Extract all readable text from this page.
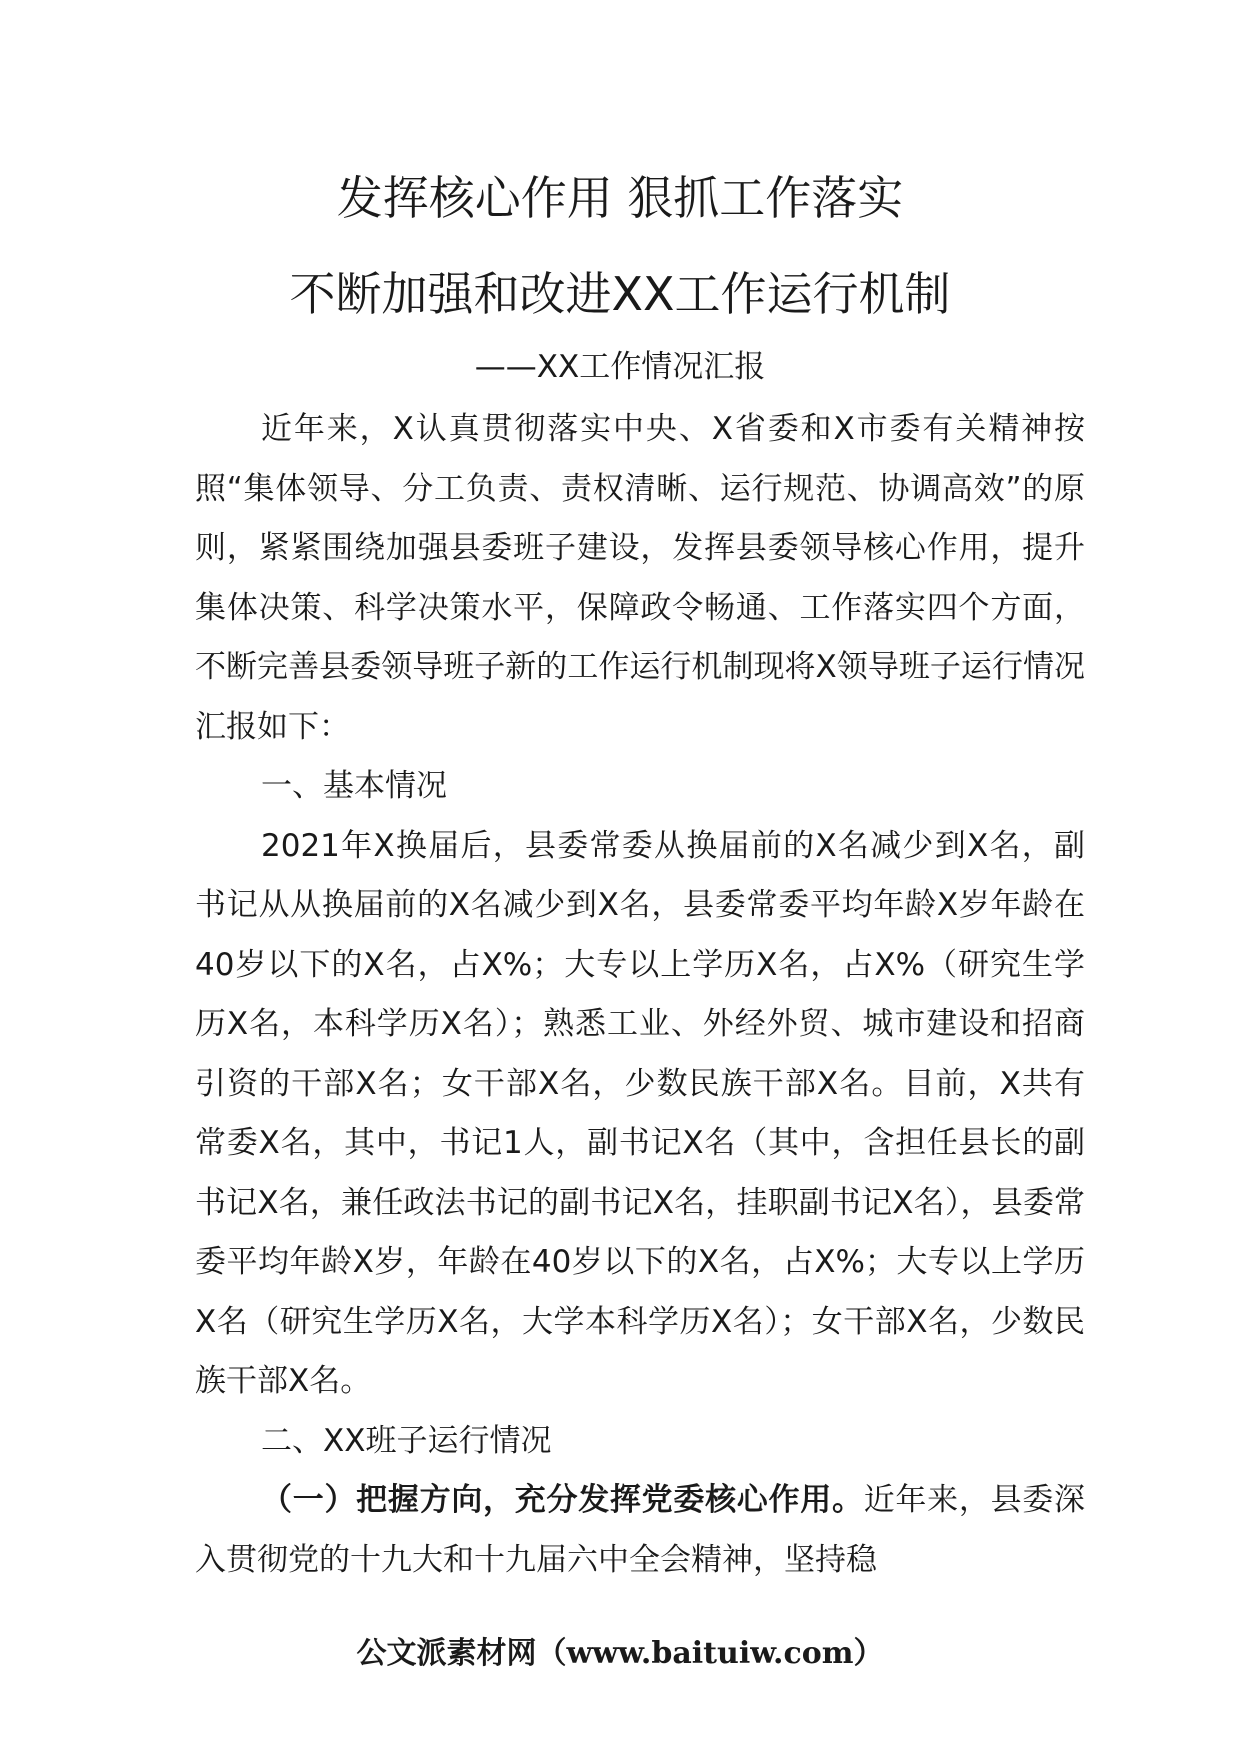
发挥核心作用 狠抓工作落实
不断加强和改进XX工作运行机制
——XX工作情况汇报

近年来，X认真贯彻落实中央、X省委和X市委有关精神按照“集体领导、分工负责、责权清晰、运行规范、协调高效”的原则，紧紧围绕加强县委班子建设，发挥县委领导核心作用，提升集体决策、科学决策水平，保障政令畅通、工作落实四个方面，不断完善县委领导班子新的工作运行机制现将X领导班子运行情况汇报如下：

一、基本情况

2021年X换届后，县委常委从换届前的X名减少到X名，副书记从从换届前的X名减少到X名，县委常委平均年龄X岁年龄在40岁以下的X名，占X%；大专以上学历X名，占X%（研究生学历X名，本科学历X名）；熟悉工业、外经外贸、城市建设和招商引资的干部X名；女干部X名，少数民族干部X名。目前，X共有常委X名，其中，书记1人，副书记X名（其中，含担任县长的副书记X名，兼任政法书记的副书记X名，挂职副书记X名），县委常委平均年龄X岁，年龄在40岁以下的X名，占X%；大专以上学历X名（研究生学历X名，大学本科学历X名）；女干部X名，少数民族干部X名。

二、XX班子运行情况

（一）把握方向，充分发挥党委核心作用。近年来，县委深入贯彻党的十九大和十九届六中全会精神，坚持稳

公文派素材网（www.baituiw.com）
